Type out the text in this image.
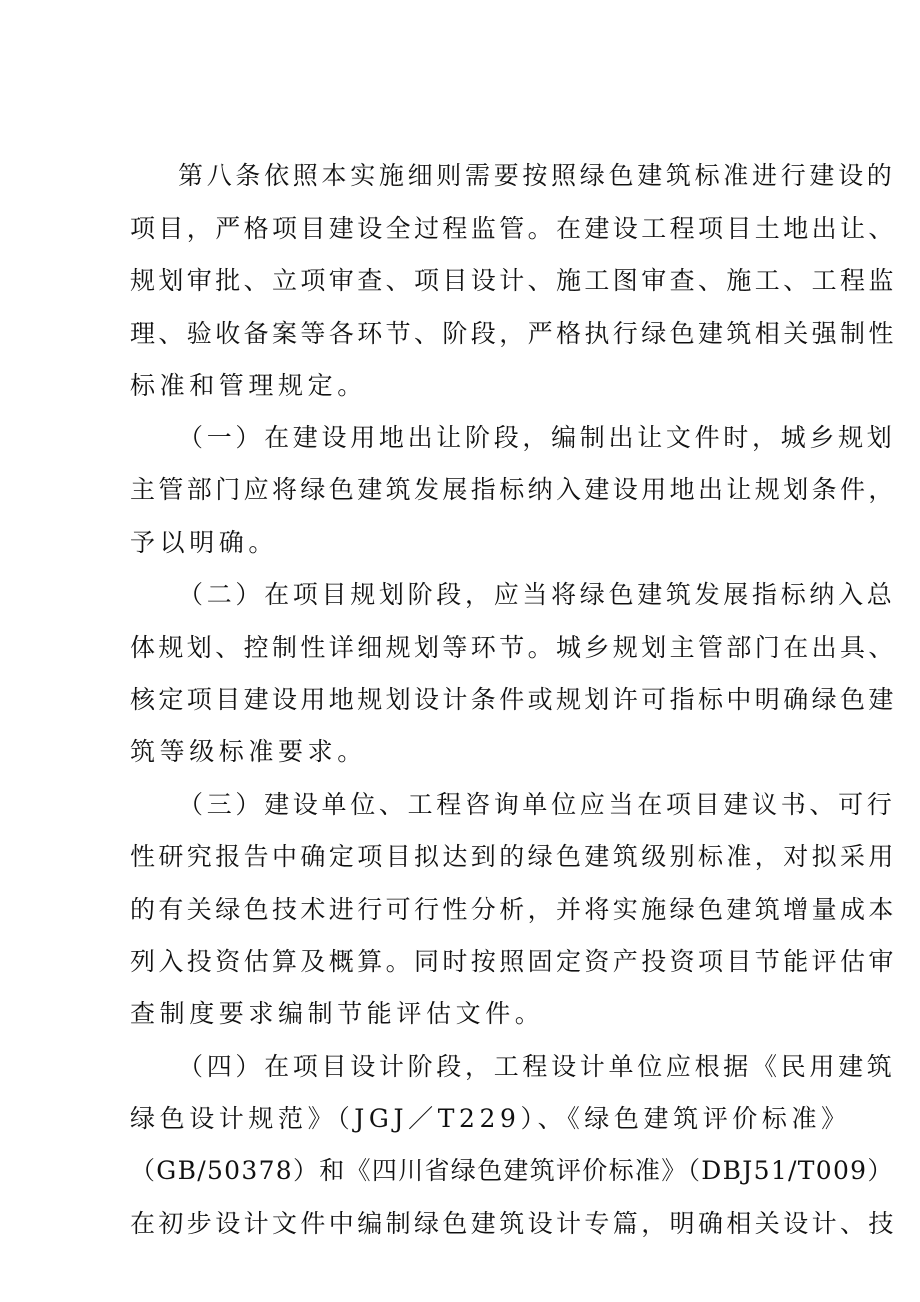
第八条依照本实施细则需要按照绿色建筑标准进行建设的
项目，严格项目建设全过程监管。在建设工程项目土地出让、
规划审批、立项审查、项目设计、施工图审查、施工、工程监
理、验收备案等各环节、阶段，严格执行绿色建筑相关强制性
标准和管理规定。
（一）在建设用地出让阶段，编制出让文件时，城乡规划
主管部门应将绿色建筑发展指标纳入建设用地出让规划条件，
予以明确。
（二）在项目规划阶段，应当将绿色建筑发展指标纳入总
体规划、控制性详细规划等环节。城乡规划主管部门在出具、
核定项目建设用地规划设计条件或规划许可指标中明确绿色建
筑等级标准要求。
（三）建设单位、工程咨询单位应当在项目建议书、可行
性研究报告中确定项目拟达到的绿色建筑级别标准，对拟采用
的有关绿色技术进行可行性分析，并将实施绿色建筑增量成本
列入投资估算及概算。同时按照固定资产投资项目节能评估审
查制度要求编制节能评估文件。
（四）在项目设计阶段，工程设计单位应根据《民用建筑
绿色设计规范》（JGJ／T229）、《绿色建筑评价标准》
（GB/50378）和《四川省绿色建筑评价标准》（DBJ51/T009）
在初步设计文件中编制绿色建筑设计专篇，明确相关设计、技
